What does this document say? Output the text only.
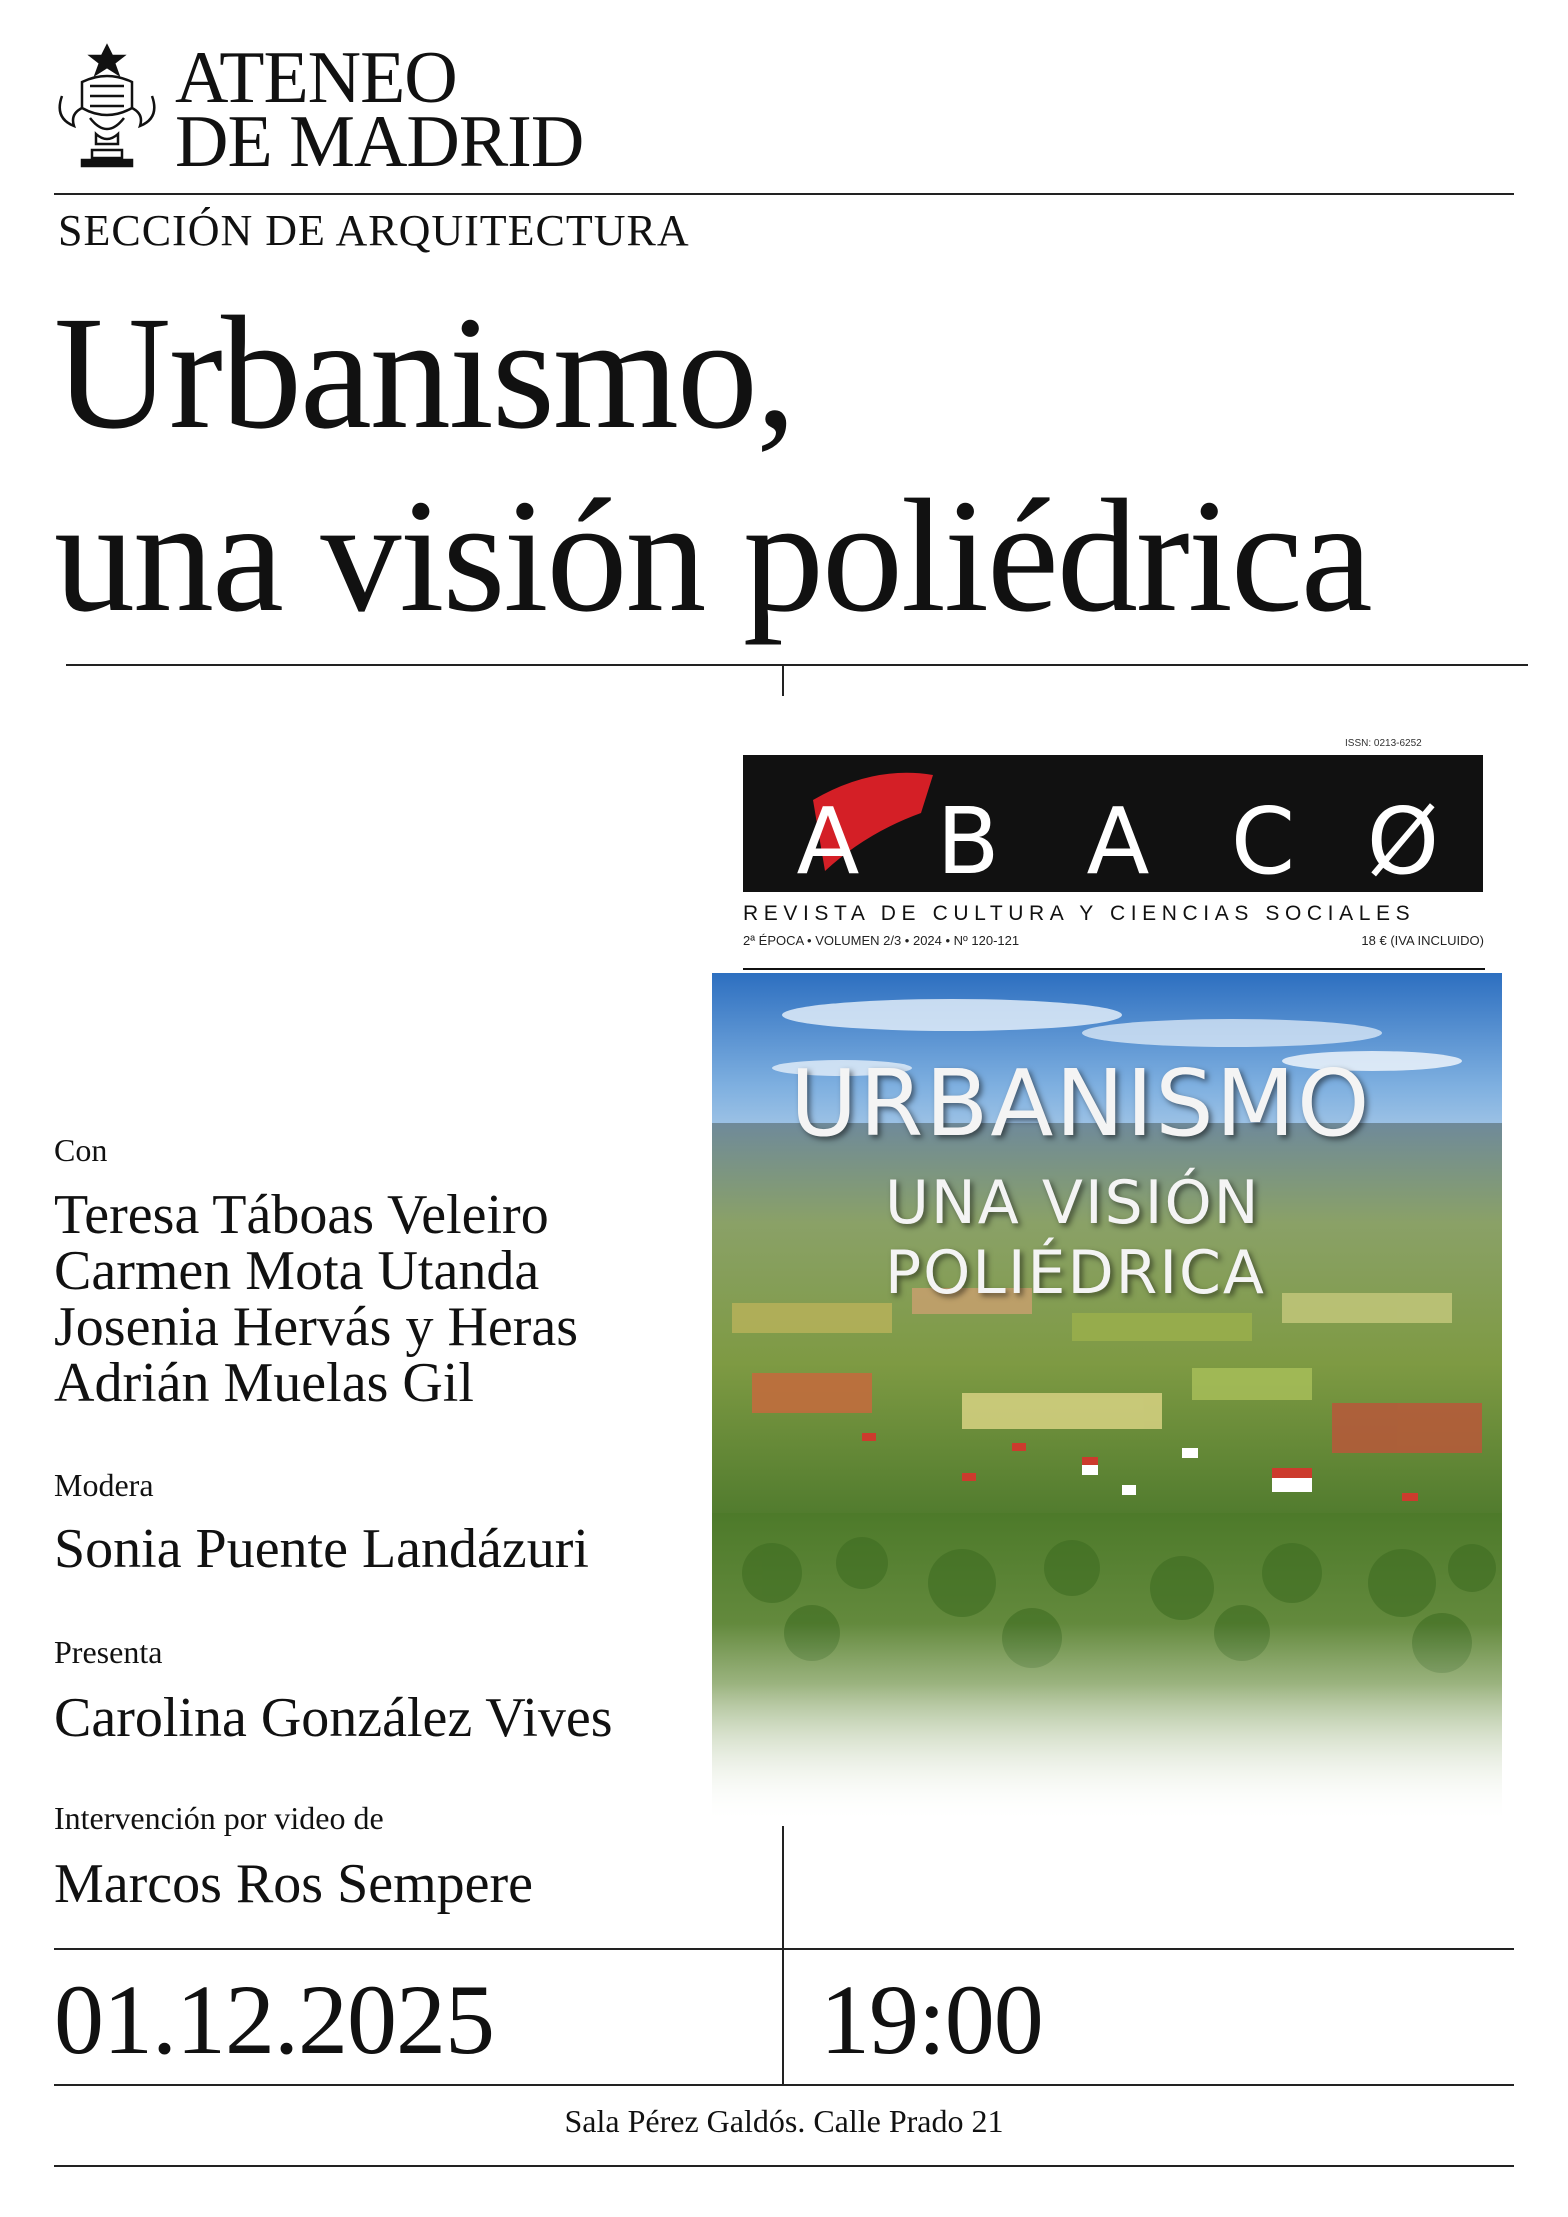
ATENEO
DE MADRID
SECCIÓN DE ARQUITECTURA
Urbanismo,
una visión poliédrica
Con
Teresa Táboas Veleiro
Carmen Mota Utanda
Josenia Hervás y Heras
Adrián Muelas Gil
Modera
Sonia Puente Landázuri
Presenta
Carolina González Vives
Intervención por video de
Marcos Ros Sempere
ISSN: 0213-6252
A B A C Ø
REVISTA DE CULTURA Y CIENCIAS SOCIALES
2ª ÉPOCA • VOLUMEN 2/3 • 2024 • Nº 120-121	18 € (IVA INCLUIDO)
URBANISMO
UNA VISIÓN
POLIÉDRICA
01.12.2025	19:00
Sala Pérez Galdós. Calle Prado 21
